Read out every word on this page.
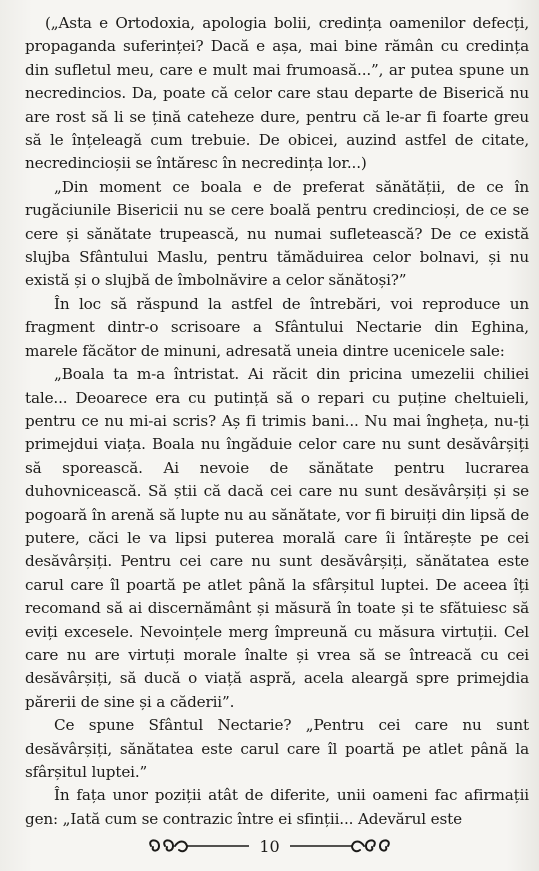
(„Asta e Ortodoxia, apologia bolii, credința oamenilor defecți, propaganda suferinței? Dacă e așa, mai bine rămân cu credința din sufletul meu, care e mult mai frumoasă...”, ar putea spune un necredincios. Da, poate că celor care stau departe de Biserică nu are rost să li se țină cateheze dure, pentru că le-ar fi foarte greu să le înțeleagă cum trebuie. De obicei, auzind astfel de citate, necredincioșii se întăresc în necredința lor...)

„Din moment ce boala e de preferat sănătății, de ce în rugăciunile Bisericii nu se cere boală pentru credincioși, de ce se cere și sănătate trupească, nu numai sufletească? De ce există slujba Sfântului Maslu, pentru tămăduirea celor bolnavi, și nu există și o slujbă de îmbolnăvire a celor sănătoși?”

În loc să răspund la astfel de întrebări, voi reproduce un fragment dintr-o scrisoare a Sfântului Nectarie din Eghina, marele făcător de minuni, adresată uneia dintre ucenicele sale:

„Boala ta m-a întristat. Ai răcit din pricina umezelii chiliei tale... Deoarece era cu putință să o repari cu puține cheltuieli, pentru ce nu mi-ai scris? Aș fi trimis bani... Nu mai îngheța, nu-ți primejdui viața. Boala nu îngăduie celor care nu sunt desăvârșiți să sporească. Ai nevoie de sănătate pentru lucrarea duhovnicească. Să știi că dacă cei care nu sunt desăvârșiți și se pogoară în arenă să lupte nu au sănătate, vor fi biruiți din lipsă de putere, căci le va lipsi puterea morală care îi întărește pe cei desăvârșiți. Pentru cei care nu sunt desăvârșiți, sănătatea este carul care îl poartă pe atlet până la sfârșitul luptei. De aceea îți recomand să ai discernământ și măsură în toate și te sfătuiesc să eviți excesele. Nevoințele merg împreună cu măsura virtuții. Cel care nu are virtuți morale înalte și vrea să se întreacă cu cei desăvârșiți, să ducă o viață aspră, acela aleargă spre primejdia părerii de sine și a căderii”.

Ce spune Sfântul Nectarie? „Pentru cei care nu sunt desăvârșiți, sănătatea este carul care îl poartă pe atlet până la sfârșitul luptei.”

În fața unor poziții atât de diferite, unii oameni fac afirmații gen: „Iată cum se contrazic între ei sfinții... Adevărul este

10
